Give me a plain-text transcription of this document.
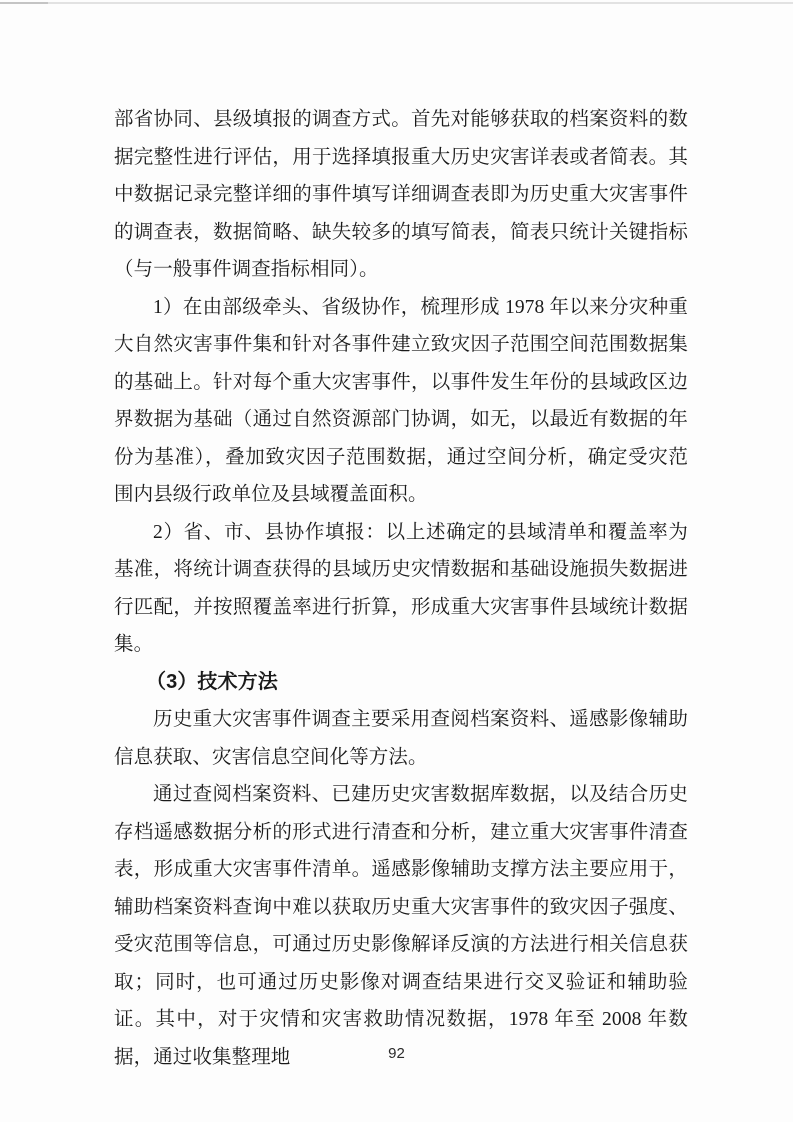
部省协同、县级填报的调查方式。首先对能够获取的档案资料的数据完整性进行评估，用于选择填报重大历史灾害详表或者简表。其中数据记录完整详细的事件填写详细调查表即为历史重大灾害事件的调查表，数据简略、缺失较多的填写简表，简表只统计关键指标（与一般事件调查指标相同）。

1）在由部级牵头、省级协作，梳理形成 1978 年以来分灾种重大自然灾害事件集和针对各事件建立致灾因子范围空间范围数据集的基础上。针对每个重大灾害事件，以事件发生年份的县域政区边界数据为基础（通过自然资源部门协调，如无，以最近有数据的年份为基准），叠加致灾因子范围数据，通过空间分析，确定受灾范围内县级行政单位及县域覆盖面积。

2）省、市、县协作填报：以上述确定的县域清单和覆盖率为基准，将统计调查获得的县域历史灾情数据和基础设施损失数据进行匹配，并按照覆盖率进行折算，形成重大灾害事件县域统计数据集。

（3）技术方法

历史重大灾害事件调查主要采用查阅档案资料、遥感影像辅助信息获取、灾害信息空间化等方法。

通过查阅档案资料、已建历史灾害数据库数据，以及结合历史存档遥感数据分析的形式进行清查和分析，建立重大灾害事件清查表，形成重大灾害事件清单。遥感影像辅助支撑方法主要应用于，辅助档案资料查询中难以获取历史重大灾害事件的致灾因子强度、受灾范围等信息，可通过历史影像解译反演的方法进行相关信息获取；同时，也可通过历史影像对调查结果进行交叉验证和辅助验证。其中，对于灾情和灾害救助情况数据，1978 年至 2008 年数据，通过收集整理地	92
